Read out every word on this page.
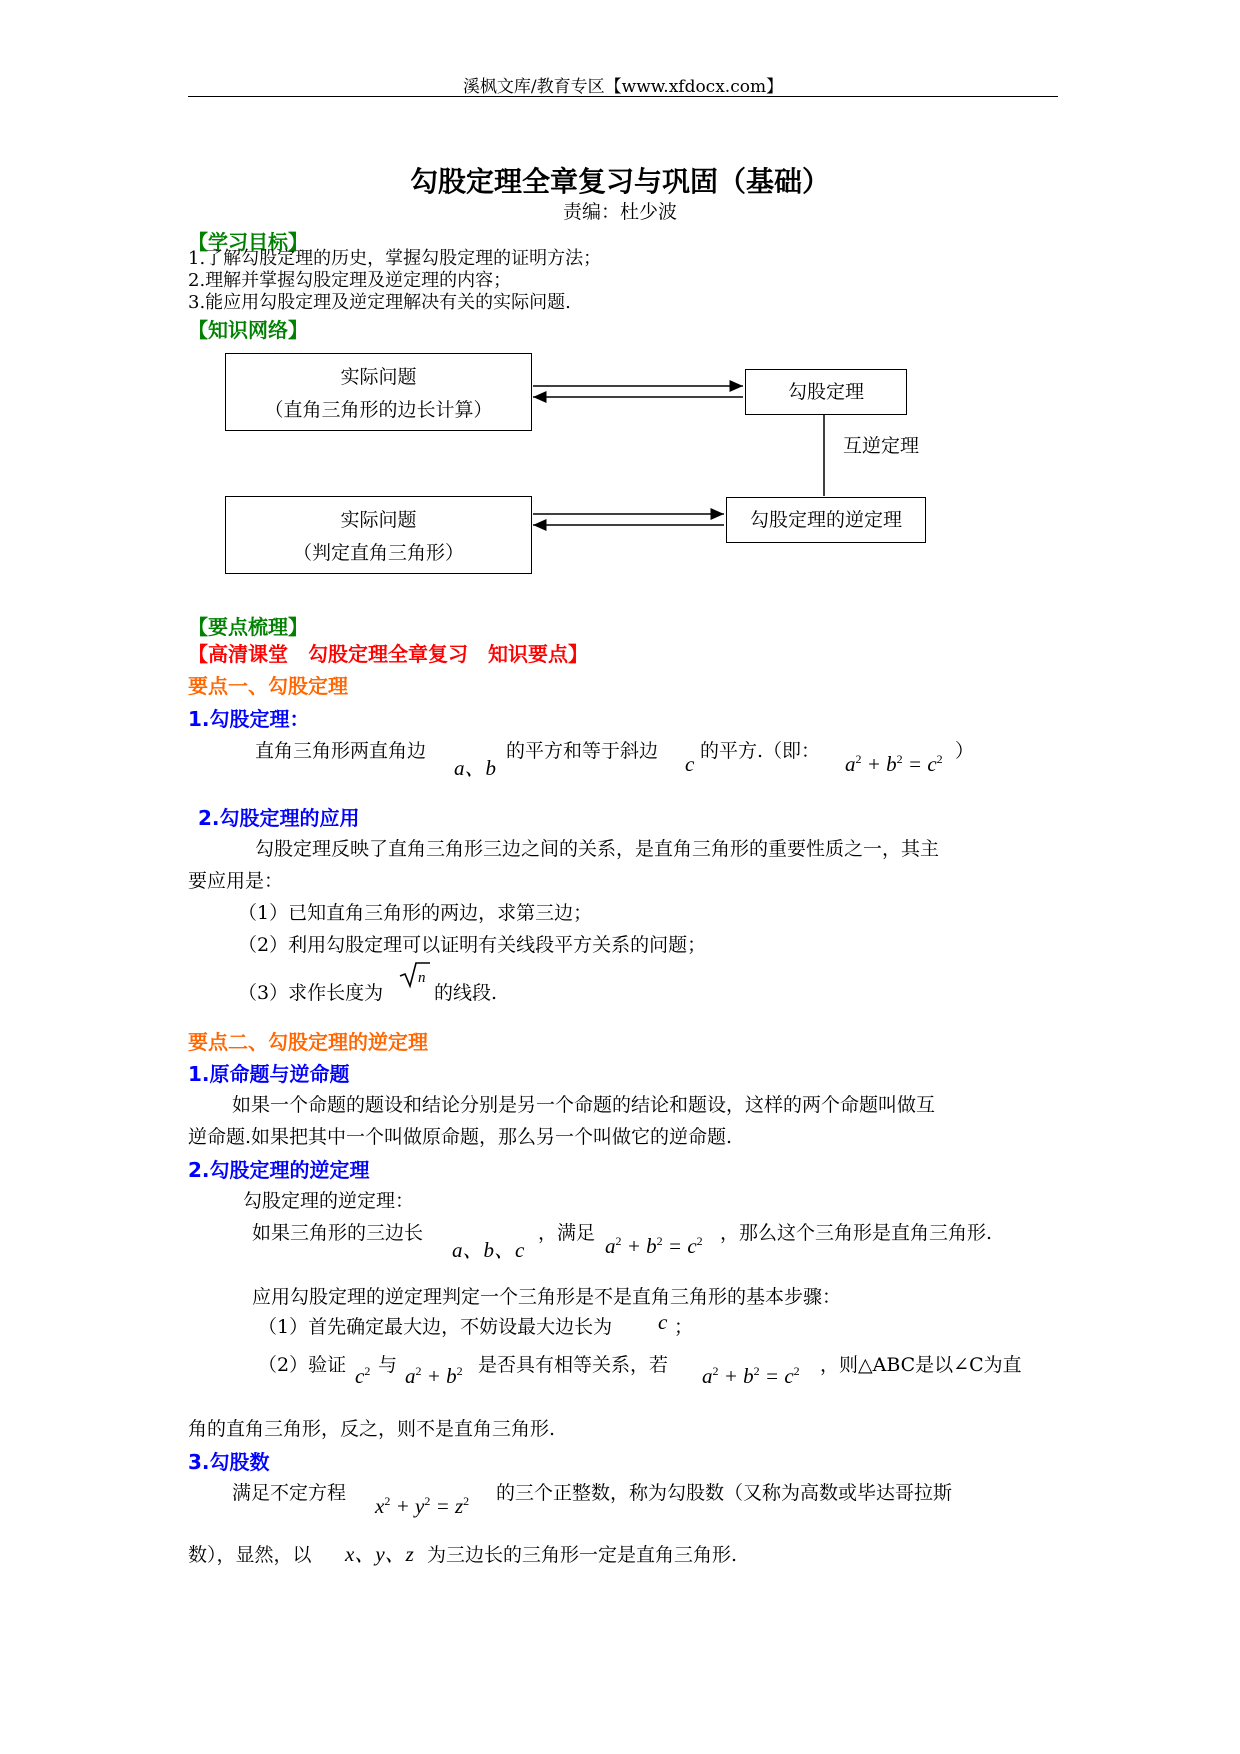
溪枫文库/教育专区【www.xfdocx.com】
勾股定理全章复习与巩固（基础）
责编：杜少波
【学习目标】
1.了解勾股定理的历史，掌握勾股定理的证明方法；
2.理解并掌握勾股定理及逆定理的内容；
3.能应用勾股定理及逆定理解决有关的实际问题.
【知识网络】
实际问题
（直角三角形的边长计算）
勾股定理
互逆定理
实际问题
（判定直角三角形）
勾股定理的逆定理
【要点梳理】
【高清课堂　勾股定理全章复习　知识要点】
要点一、勾股定理
1.勾股定理：
直角三角形两直角边
a、b
的平方和等于斜边
c
的平方.（即：
$a^2 + b^2 = c^2$ ）
2.勾股定理的应用
勾股定理反映了直角三角形三边之间的关系，是直角三角形的重要性质之一，其主
要应用是：
（1）已知直角三角形的两边，求第三边；
（2）利用勾股定理可以证明有关线段平方关系的问题；
（3）求作长度为
n
的线段.
要点二、勾股定理的逆定理
1.原命题与逆命题
如果一个命题的题设和结论分别是另一个命题的结论和题设，这样的两个命题叫做互
逆命题.如果把其中一个叫做原命题，那么另一个叫做它的逆命题.
2.勾股定理的逆定理
勾股定理的逆定理：
如果三角形的三边长
a、b、c
，满足
$a^2 + b^2 = c^2$ ，那么这个三角形是直角三角形.
应用勾股定理的逆定理判定一个三角形是不是直角三角形的基本步骤：
（1）首先确定最大边，不妨设最大边长为 c ；
（2）验证 $c^2$ 与 $a^2 + b^2$ 是否具有相等关系，若 $a^2 + b^2 = c^2$ ，则△ABC是以∠C为直
角的直角三角形，反之，则不是直角三角形.
3.勾股数
满足不定方程
$x^2 + y^2 = z^2$ 的三个正整数，称为勾股数（又称为高数或毕达哥拉斯
数），显然，以 x、y、z 为三边长的三角形一定是直角三角形.
